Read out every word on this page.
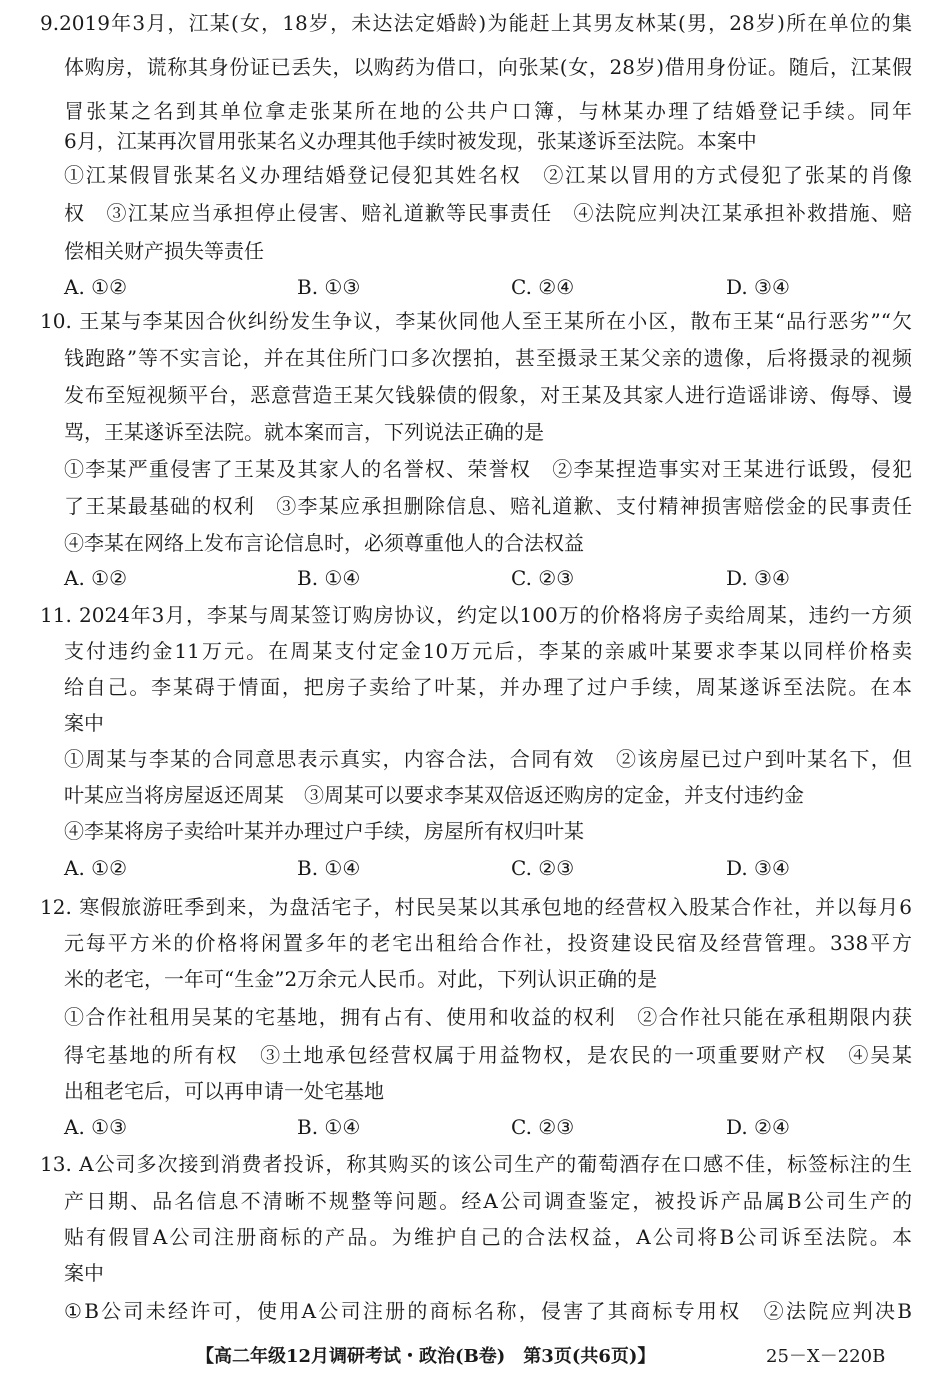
9.2019年3月，江某(女，18岁，未达法定婚龄)为能赶上其男友林某(男，28岁)所在单位的集
体购房，谎称其身份证已丢失，以购药为借口，向张某(女，28岁)借用身份证。随后，江某假
冒张某之名到其单位拿走张某所在地的公共户口簿，与林某办理了结婚登记手续。同年
6月，江某再次冒用张某名义办理其他手续时被发现，张某遂诉至法院。本案中
①江某假冒张某名义办理结婚登记侵犯其姓名权　②江某以冒用的方式侵犯了张某的肖像
权　③江某应当承担停止侵害、赔礼道歉等民事责任　④法院应判决江某承担补救措施、赔
偿相关财产损失等责任
A. ①②	B. ①③	C. ②④	D. ③④
10. 王某与李某因合伙纠纷发生争议，李某伙同他人至王某所在小区，散布王某“品行恶劣”“欠
钱跑路”等不实言论，并在其住所门口多次摆拍，甚至摄录王某父亲的遗像，后将摄录的视频
发布至短视频平台，恶意营造王某欠钱躲债的假象，对王某及其家人进行造谣诽谤、侮辱、谩
骂，王某遂诉至法院。就本案而言，下列说法正确的是
①李某严重侵害了王某及其家人的名誉权、荣誉权　②李某捏造事实对王某进行诋毁，侵犯
了王某最基础的权利　③李某应承担删除信息、赔礼道歉、支付精神损害赔偿金的民事责任
④李某在网络上发布言论信息时，必须尊重他人的合法权益
A. ①②	B. ①④	C. ②③	D. ③④
11. 2024年3月，李某与周某签订购房协议，约定以100万的价格将房子卖给周某，违约一方须
支付违约金11万元。在周某支付定金10万元后，李某的亲戚叶某要求李某以同样价格卖
给自己。李某碍于情面，把房子卖给了叶某，并办理了过户手续，周某遂诉至法院。在本
案中
①周某与李某的合同意思表示真实，内容合法，合同有效　②该房屋已过户到叶某名下，但
叶某应当将房屋返还周某　③周某可以要求李某双倍返还购房的定金，并支付违约金
④李某将房子卖给叶某并办理过户手续，房屋所有权归叶某
A. ①②	B. ①④	C. ②③	D. ③④
12. 寒假旅游旺季到来，为盘活宅子，村民吴某以其承包地的经营权入股某合作社，并以每月6
元每平方米的价格将闲置多年的老宅出租给合作社，投资建设民宿及经营管理。338平方
米的老宅，一年可“生金”2万余元人民币。对此，下列认识正确的是
①合作社租用吴某的宅基地，拥有占有、使用和收益的权利　②合作社只能在承租期限内获
得宅基地的所有权　③土地承包经营权属于用益物权，是农民的一项重要财产权　④吴某
出租老宅后，可以再申请一处宅基地
A. ①③	B. ①④	C. ②③	D. ②④
13. A公司多次接到消费者投诉，称其购买的该公司生产的葡萄酒存在口感不佳，标签标注的生
产日期、品名信息不清晰不规整等问题。经A公司调查鉴定，被投诉产品属B公司生产的
贴有假冒A公司注册商标的产品。为维护自己的合法权益，A公司将B公司诉至法院。本
案中
①B公司未经许可，使用A公司注册的商标名称，侵害了其商标专用权　②法院应判决B
【高二年级12月调研考试・政治(B卷)　第3页(共6页)】	25－X－220B
